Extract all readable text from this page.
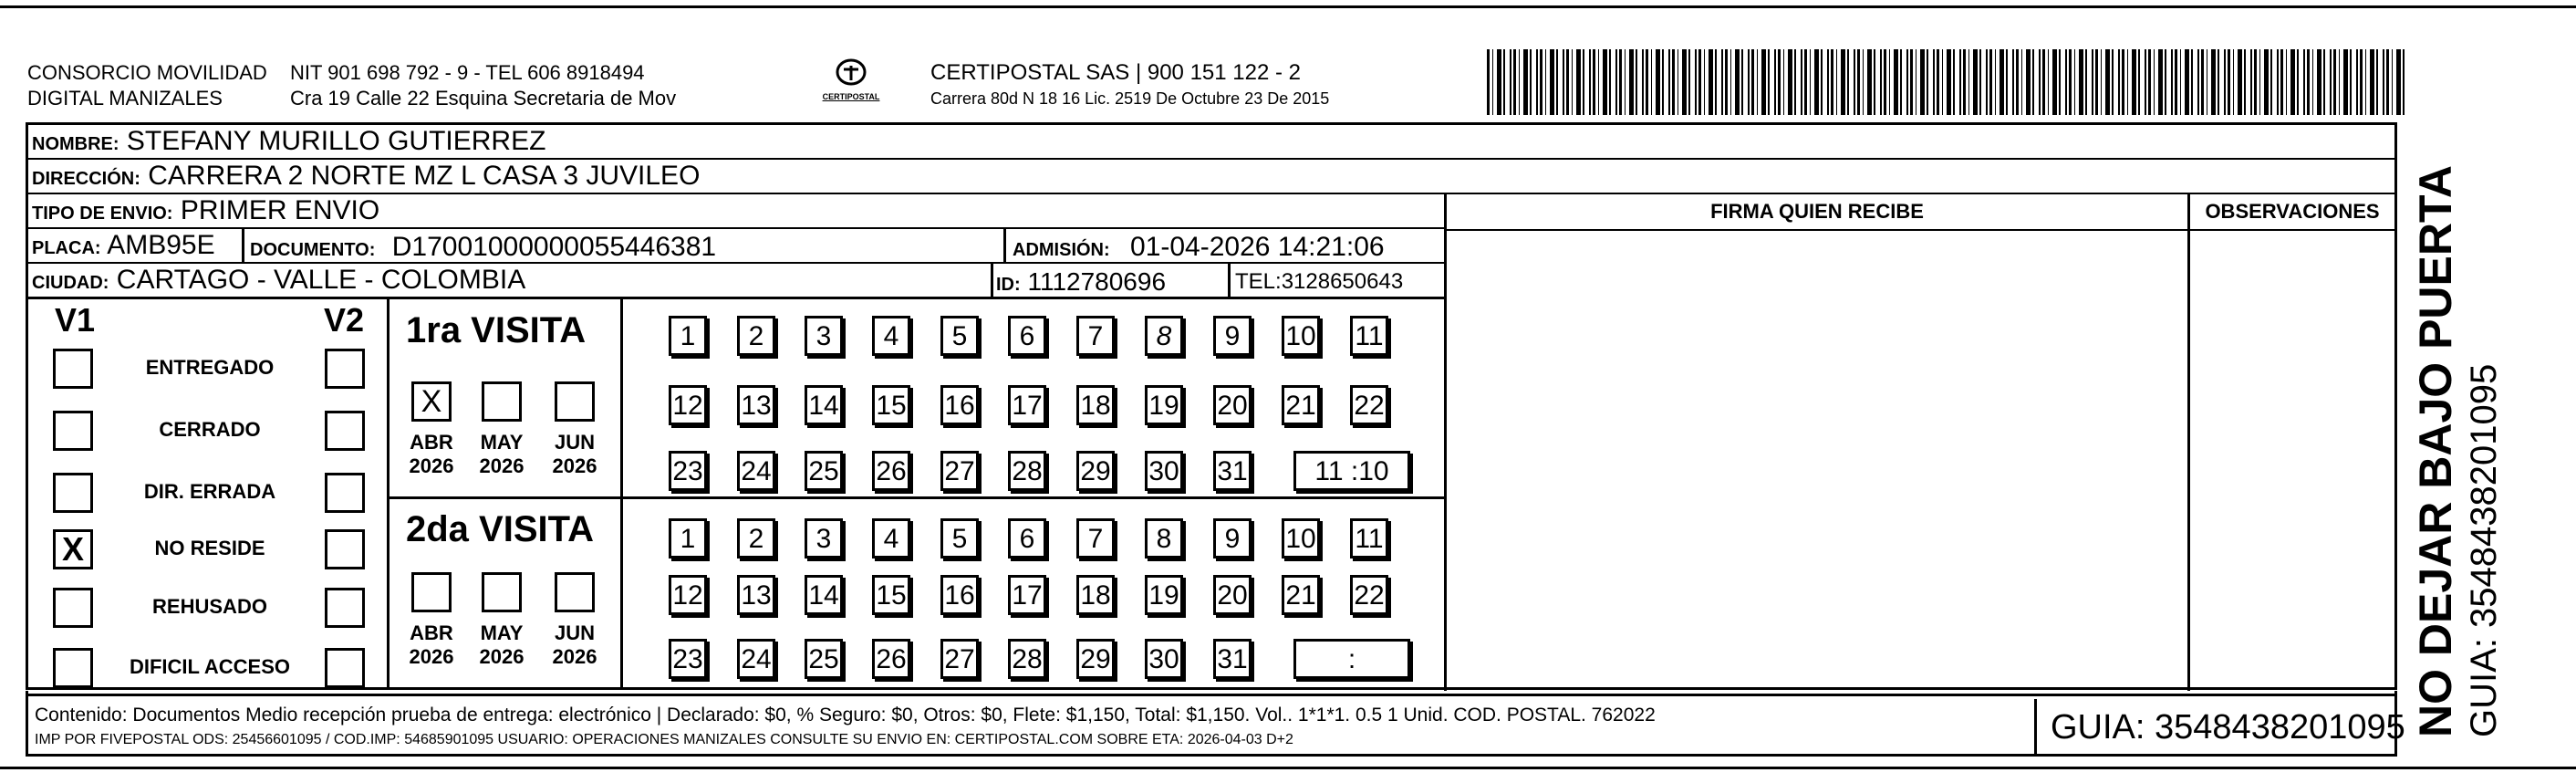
CONSORCIO MOVILIDAD
DIGITAL MANIZALES
NIT 901 698 792 - 9 - TEL 606 8918494
Cra 19 Calle 22 Esquina Secretaria de Mov	CERTIPOSTAL
CERTIPOSTAL SAS | 900 151 122 - 2
Carrera 80d N 18 16 Lic. 2519 De Octubre 23 De 2015
NOMBRE: STEFANY MURILLO GUTIERREZ
DIRECCIÓN: CARRERA 2 NORTE MZ L CASA 3 JUVILEO
TIPO DE ENVIO: PRIMER ENVIO
PLACA: AMB95E	DOCUMENTO: D17001000000055446381	ADMISIÓN: 01-04-2026 14:21:06
CIUDAD: CARTAGO - VALLE - COLOMBIA	ID: 1112780696	TEL:3128650643
FIRMA QUIEN RECIBE	OBSERVACIONES
V1	V2
ENTREGADO
CERRADO
DIR. ERRADA
X	NO RESIDE
REHUSADO
DIFICIL ACCESO
1ra VISITA
2da VISITA
X
ABR
2026
MAY
2026
JUN
2026
ABR
2026
MAY
2026
JUN
2026
1	2	3	4	5	6	7	8	9	10 11
12 13 14 15 16 17 18 19 20 21 22
23 24 25 26 27 28 29 30 31	11 :10
1	2	3	4	5	6	7	8	9	10 11
12 13 14 15 16 17 18 19 20 21 22
23 24 25 26 27 28 29 30 31	:
Contenido: Documentos Medio recepción prueba de entrega: electrónico | Declarado: $0, % Seguro: $0, Otros: $0, Flete: $1,150, Total: $1,150. Vol.. 1*1*1. 0.5 1 Unid. COD. POSTAL. 762022
IMP POR FIVEPOSTAL ODS: 25456601095 / COD.IMP: 54685901095 USUARIO: OPERACIONES MANIZALES CONSULTE SU ENVIO EN: CERTIPOSTAL.COM SOBRE ETA: 2026-04-03 D+2	GUIA: 3548438201095 NO DEJAR BAJO PUERTA GUIA: 3548438201095
